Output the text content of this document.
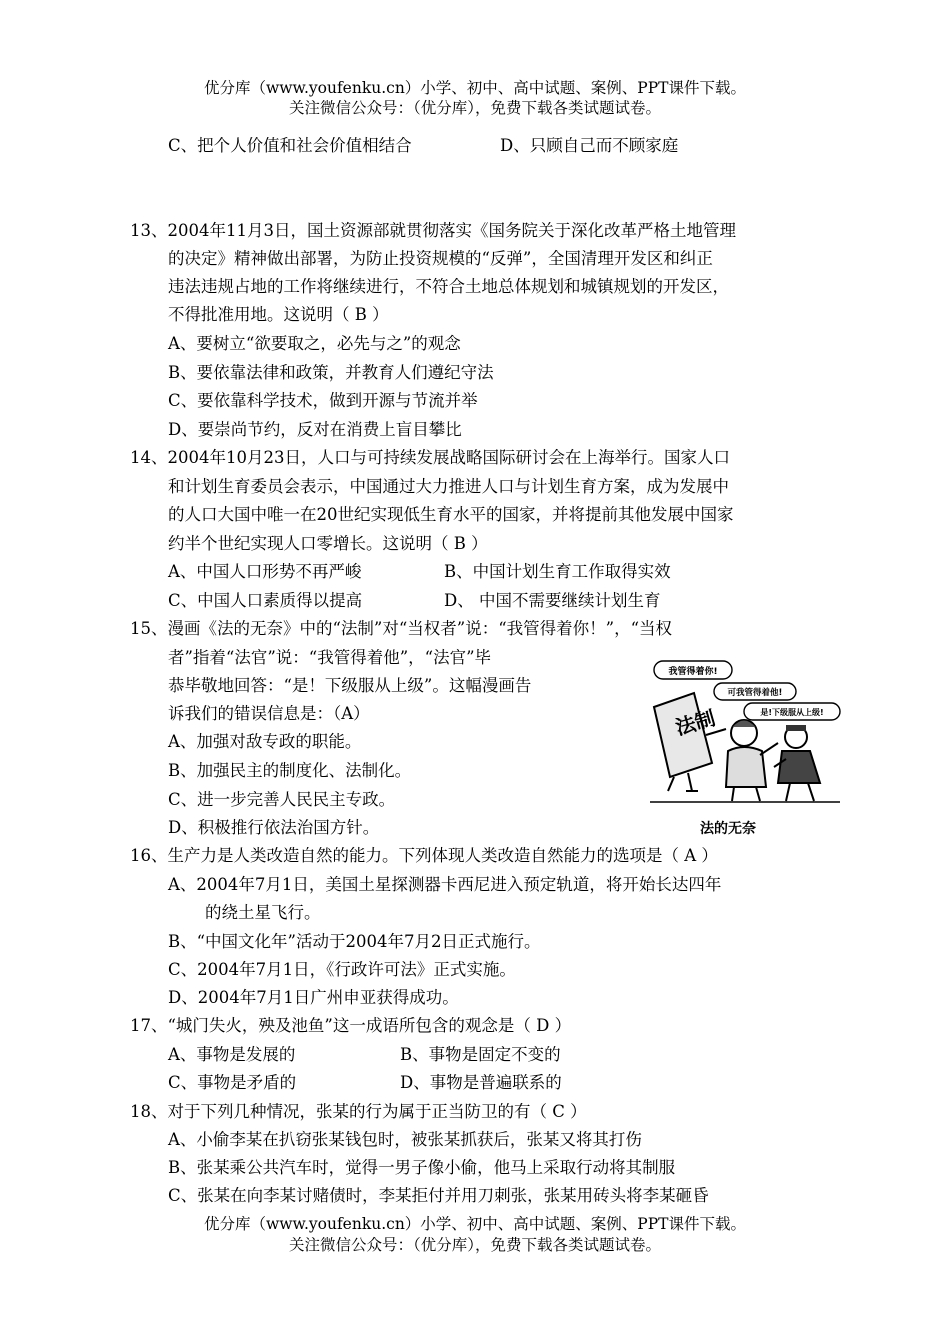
优分库（www.youfenku.cn）小学、初中、高中试题、案例、PPT课件下载。
关注微信公众号：（优分库），免费下载各类试题试卷。
C、把个人价值和社会价值相结合	D、只顾自己而不顾家庭
13、2004年11月3日，国土资源部就贯彻落实《国务院关于深化改革严格土地管理
的决定》精神做出部署，为防止投资规模的“反弹”，全国清理开发区和纠正
违法违规占地的工作将继续进行，不符合土地总体规划和城镇规划的开发区，
不得批准用地。这说明（ B ）
A、要树立“欲要取之，必先与之”的观念
B、要依靠法律和政策，并教育人们遵纪守法
C、要依靠科学技术，做到开源与节流并举
D、要崇尚节约，反对在消费上盲目攀比
14、2004年10月23日，人口与可持续发展战略国际研讨会在上海举行。国家人口
和计划生育委员会表示，中国通过大力推进人口与计划生育方案，成为发展中
的人口大国中唯一在20世纪实现低生育水平的国家，并将提前其他发展中国家
约半个世纪实现人口零增长。这说明（ B ）
A、中国人口形势不再严峻	B、中国计划生育工作取得实效
C、中国人口素质得以提高	D、 中国不需要继续计划生育
15、漫画《法的无奈》中的“法制”对“当权者”说：“我管得着你！”，“当权
者”指着“法官”说：“我管得着他”，“法官”毕
恭毕敬地回答：“是！下级服从上级”。这幅漫画告
诉我们的错误信息是：（A）
A、加强对敌专政的职能。
B、加强民主的制度化、法制化。
C、进一步完善人民民主专政。
D、积极推行依法治国方针。
我管得着你!
可我管得着他!
是!下级服从上级!
法制
法的无奈
16、生产力是人类改造自然的能力。下列体现人类改造自然能力的选项是（ A ）
A、2004年7月1日，美国土星探测器卡西尼进入预定轨道，将开始长达四年
的绕土星飞行。
B、“中国文化年”活动于2004年7月2日正式施行。
C、2004年7月1日，《行政许可法》正式实施。
D、2004年7月1日广州申亚获得成功。
17、“城门失火，殃及池鱼”这一成语所包含的观念是（ D ）
A、事物是发展的	B、事物是固定不变的
C、事物是矛盾的	D、事物是普遍联系的
18、对于下列几种情况，张某的行为属于正当防卫的有（ C ）
A、小偷李某在扒窃张某钱包时，被张某抓获后，张某又将其打伤
B、张某乘公共汽车时，觉得一男子像小偷，他马上采取行动将其制服
C、张某在向李某讨赌债时，李某拒付并用刀刺张，张某用砖头将李某砸昏
优分库（www.youfenku.cn）小学、初中、高中试题、案例、PPT课件下载。
关注微信公众号：（优分库），免费下载各类试题试卷。
